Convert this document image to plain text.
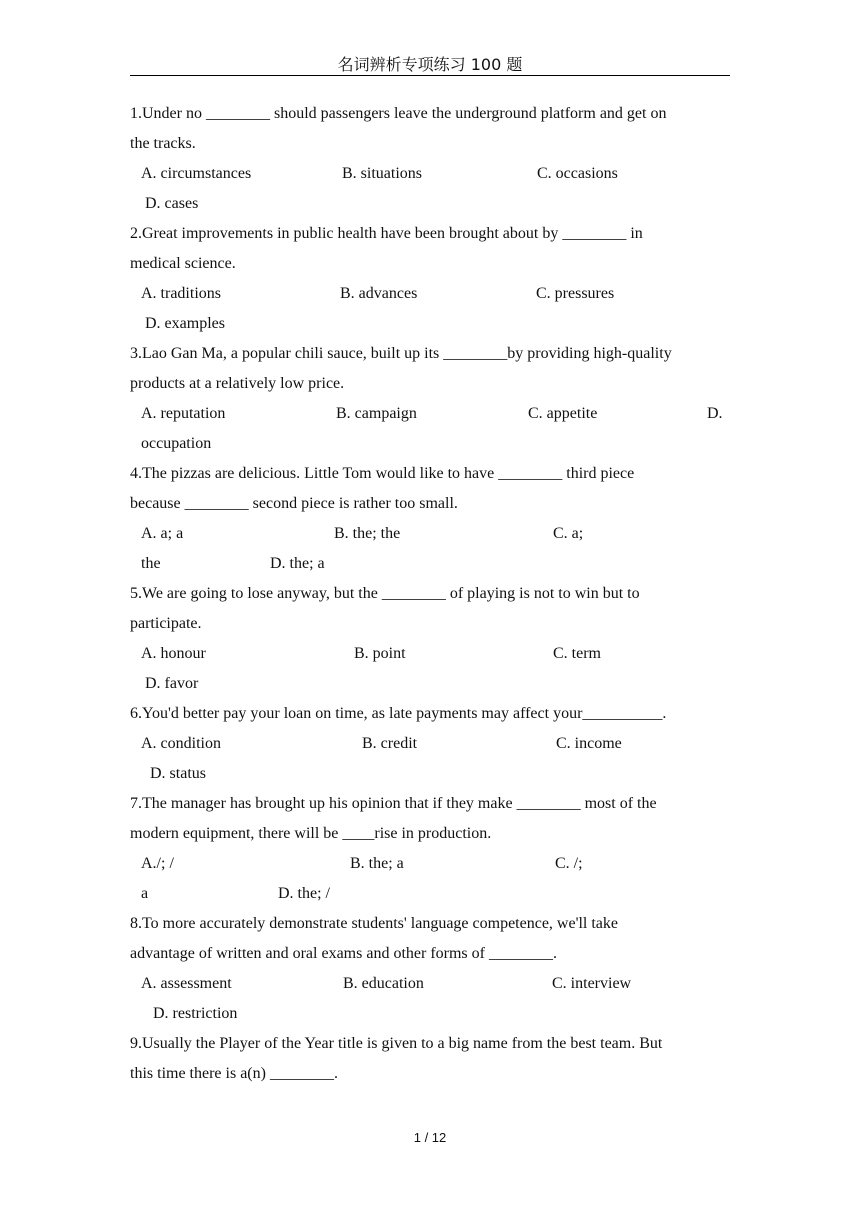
名词辨析专项练习 100 题
1.Under no ________ should passengers leave the underground platform and get on
the tracks.
A. circumstances	B. situations	C. occasions
D. cases
2.Great improvements in public health have been brought about by ________ in
medical science.
A. traditions	B. advances	C. pressures
D. examples
3.Lao Gan Ma, a popular chili sauce, built up its ________by providing high-quality
products at a relatively low price.
A. reputation	B. campaign	C. appetite	D.
occupation
4.The pizzas are delicious. Little Tom would like to have ________ third piece
because ________ second piece is rather too small.
A. a; a	B. the; the	C. a;
the	D. the; a
5.We are going to lose anyway, but the ________ of playing is not to win but to
participate.
A. honour	B. point	C. term
D. favor
6.You'd better pay your loan on time, as late payments may affect your__________.
A. condition	B. credit	C. income
D. status
7.The manager has brought up his opinion that if they make ________ most of the
modern equipment, there will be ____rise in production.
A./; /	B. the; a	C. /;
a	D. the; /
8.To more accurately demonstrate students' language competence, we'll take
advantage of written and oral exams and other forms of ________.
A. assessment	B. education	C. interview
D. restriction
9.Usually the Player of the Year title is given to a big name from the best team. But
this time there is a(n) ________.
1 / 12
